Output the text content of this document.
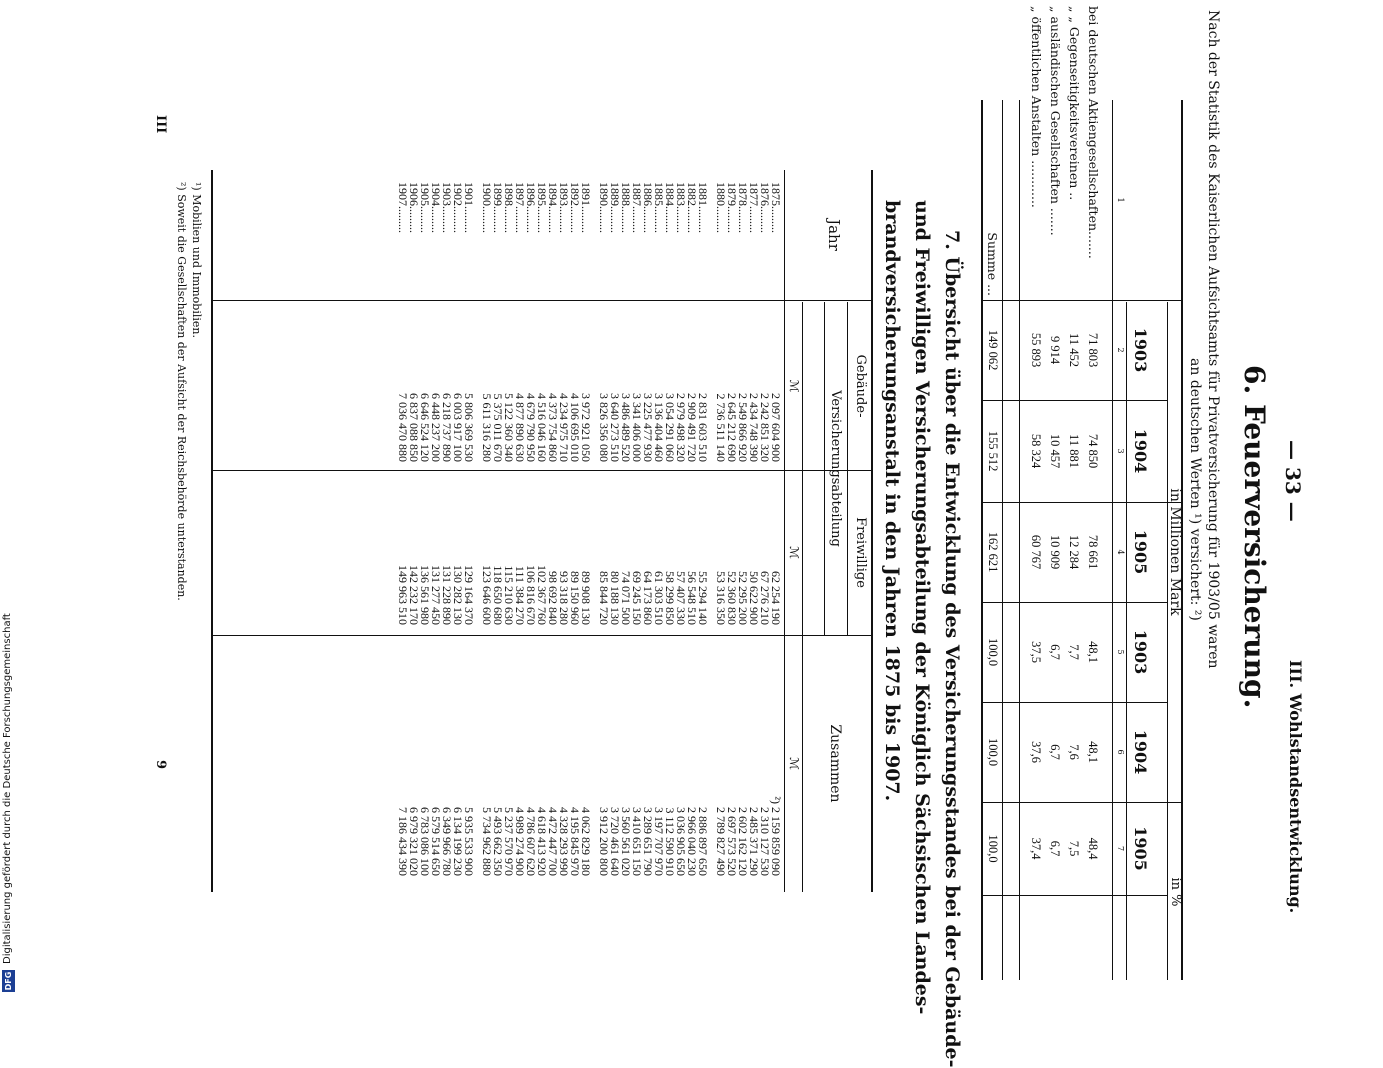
— 33 —
III. Wohlstandsentwicklung.
6. Feuerversicherung.
Nach der Statistik des Kaiserlichen Aufsichtsamts für Privatversicherung für 1903/05 waren
an deutschen Werten ¹) versichert: ²)
in Millionen Mark
in %
1903
1904
1905
1903
1904
1905
1
2
3
4
5
6
7
bei deutschen Aktiengesellschaften.......
71 803
74 850
78 661
48,1
48,1
48,4
„ „ Gegenseitigkeitsvereinen ..
11 452
11 881
12 284
7,7
7,6
7,5
„ ausländischen Gesellschaften .......
9 914
10 457
10 909
6,7
6,7
6,7
„ öffentlichen Anstalten ............
55 893
58 324
60 767
37,5
37,6
37,4
Summe ...
149 062
155 512
162 621
100,0
100,0
100,0
7. Übersicht über die Entwicklung des Versicherungsstandes bei der Gebäude-
und Freiwilligen Versicherungsabteilung der Königlich Sächsischen Landes-
brandversicherungsanstalt in den Jahren 1875 bis 1907.
Jahr
Gebäude-
Freiwillige
Versicherungsabteilung
Zusammen
ℳ
ℳ
ℳ
1875.........
2 097 604 900
62 254 190
²) 2 159 859 090
1876.........
2 242 851 320
67 276 210
2 310 127 530
1877.........
2 434 748 390
50 622 900
2 485 371 290
1878.........
2 549 866 920
52 295 200
2 602 162 120
1879.........
2 645 212 690
52 360 830
2 697 573 520
1880.........
2 736 511 140
53 316 350
2 789 827 490
1881.........
2 831 603 510
55 294 140
2 886 897 650
1882.........
2 909 491 720
56 548 510
2 966 040 230
1883.........
2 979 498 320
57 407 330
3 036 905 650
1884.........
3 054 291 060
58 299 850
3 112 590 910
1885.........
3 136 404 460
61 303 510
3 197 707 970
1886.........
3 225 477 930
64 173 860
3 289 651 790
1887.........
3 341 406 000
69 245 150
3 410 651 150
1888.........
3 486 489 520
74 071 500
3 560 561 020
1889.........
3 640 273 510
80 188 130
3 720 461 640
1890.........
3 826 356 080
85 844 720
3 912 200 800
1891.........
3 972 921 050
89 908 130
4 062 829 180
1892.........
4 106 695 010
89 150 960
4 195 845 970
1893.........
4 234 975 710
93 318 280
4 328 293 990
1894.........
4 373 754 860
98 692 840
4 472 447 700
1895.........
4 516 046 160
102 367 760
4 618 413 920
1896.........
4 679 790 950
106 816 670
4 786 607 620
1897.........
4 877 890 630
111 384 270
4 989 274 900
1898.........
5 122 360 340
115 210 630
5 237 570 970
1899.........
5 375 011 670
118 650 680
5 493 662 350
1900.........
5 611 316 280
123 646 600
5 734 962 880
1901.........
5 806 369 530
129 164 370
5 935 533 900
1902.........
6 003 917 100
130 282 130
6 134 199 230
1903.........
6 218 737 890
131 228 890
6 349 966 780
1904.........
6 448 237 200
131 277 450
6 579 514 650
1905.........
6 646 524 120
136 561 980
6 783 086 100
1906.........
6 837 088 850
142 232 170
6 979 321 020
1907.........
7 036 470 880
149 963 510
7 186 434 390
¹) Mobilien und Immobilien.
²) Soweit die Gesellschaften der Aufsicht der Reichsbehörde unterstanden.
III
9
DFG
Digitalisierung gefördert durch die Deutsche Forschungsgemeinschaft
